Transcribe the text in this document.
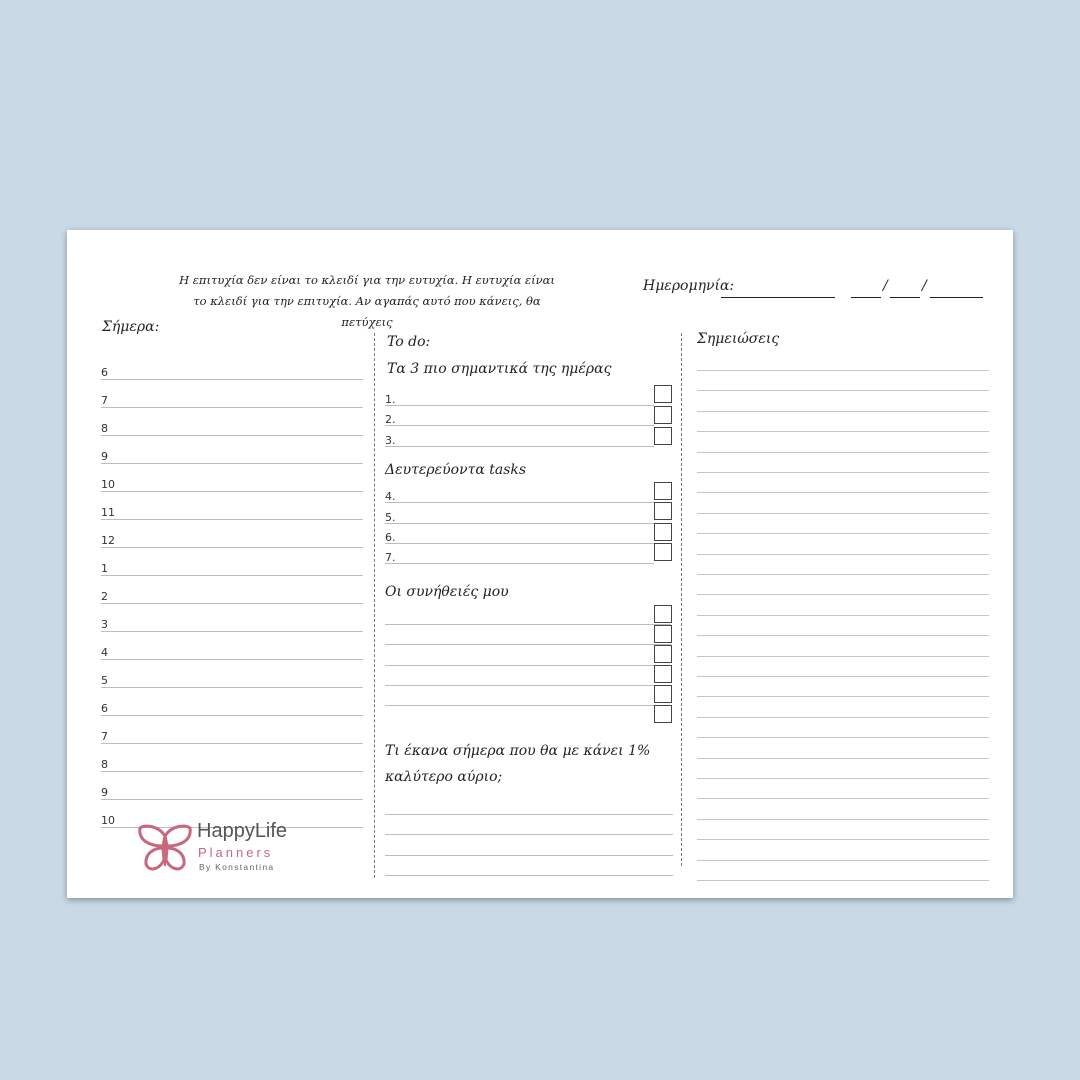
Η επιτυχία δεν είναι το κλειδί για την ευτυχία. Η ευτυχία είναι το κλειδί για την επιτυχία. Αν αγαπάς αυτό που κάνεις, θα πετύχεις
Ημερομηνία:	/ /
Σήμερα:
6
7
8
9
10
11
12
1
2
3
4
5
6
7
8
9
10
To do:
Τα 3 πιο σημαντικά της ημέρας
1.
2.
3.
Δευτερεύοντα tasks
4.
5.
6.
7.
Οι συνήθειές μου
Τι έκανα σήμερα που θα με κάνει 1% καλύτερο αύριο;
Σημειώσεις
HappyLife
Planners
By Konstantina
